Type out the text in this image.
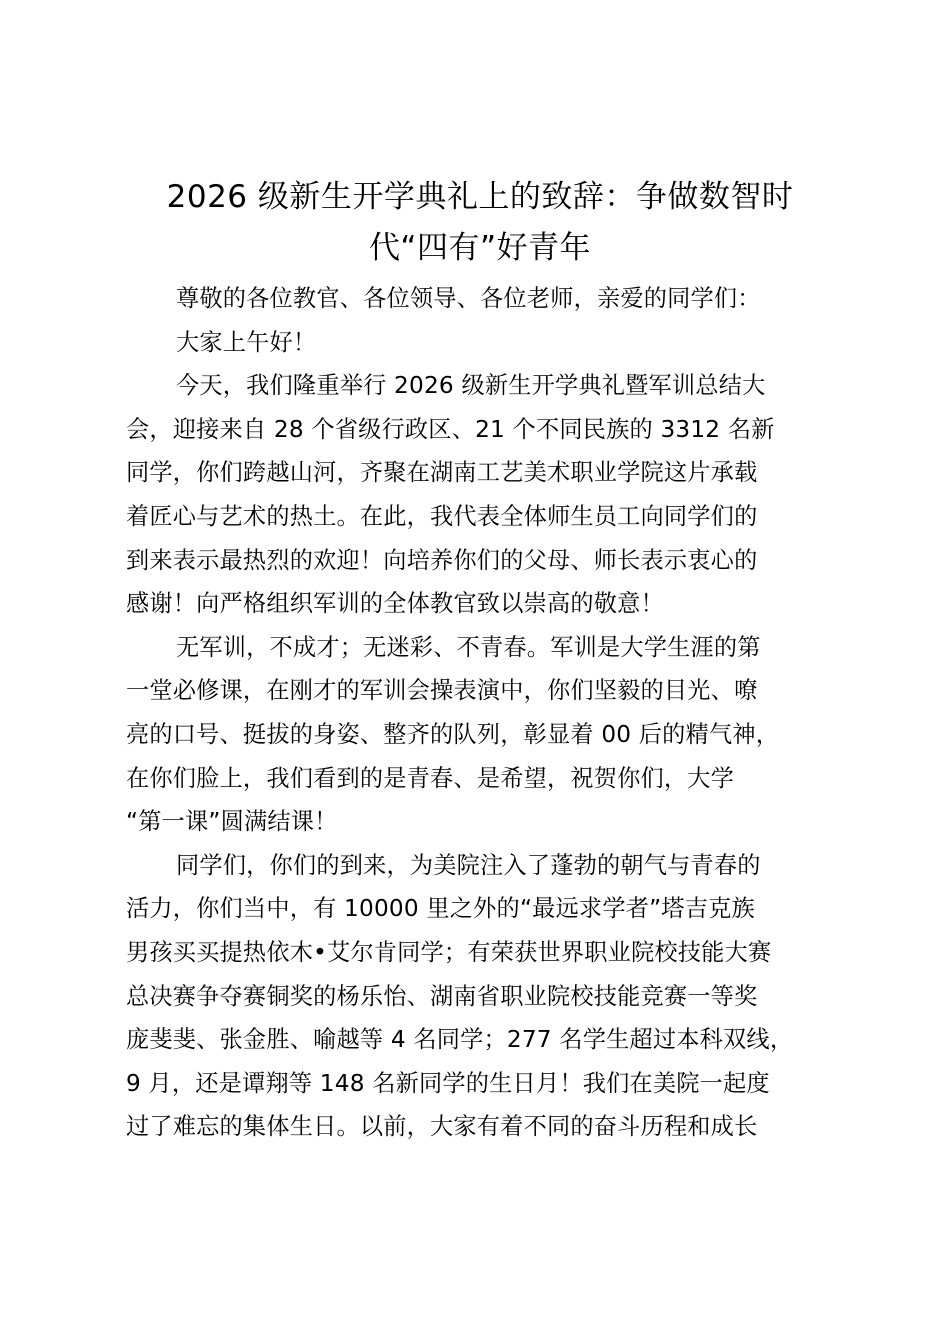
2026 级新生开学典礼上的致辞：争做数智时
代“四有”好青年

尊敬的各位教官、各位领导、各位老师，亲爱的同学们：

大家上午好！

今天，我们隆重举行 2026 级新生开学典礼暨军训总结大
会，迎接来自 28 个省级行政区、21 个不同民族的 3312 名新
同学，你们跨越山河，齐聚在湖南工艺美术职业学院这片承载
着匠心与艺术的热土。在此，我代表全体师生员工向同学们的
到来表示最热烈的欢迎！向培养你们的父母、师长表示衷心的
感谢！向严格组织军训的全体教官致以崇高的敬意！

无军训，不成才；无迷彩、不青春。军训是大学生涯的第
一堂必修课，在刚才的军训会操表演中，你们坚毅的目光、嘹
亮的口号、挺拔的身姿、整齐的队列，彰显着 00 后的精气神，
在你们脸上，我们看到的是青春、是希望，祝贺你们，大学
“第一课”圆满结课！

同学们，你们的到来，为美院注入了蓬勃的朝气与青春的
活力，你们当中，有 10000 里之外的“最远求学者”塔吉克族
男孩买买提热依木•艾尔肯同学；有荣获世界职业院校技能大赛
总决赛争夺赛铜奖的杨乐怡、湖南省职业院校技能竞赛一等奖
庞斐斐、张金胜、喻越等 4 名同学；277 名学生超过本科双线，
9 月，还是谭翔等 148 名新同学的生日月！我们在美院一起度
过了难忘的集体生日。以前，大家有着不同的奋斗历程和成长
